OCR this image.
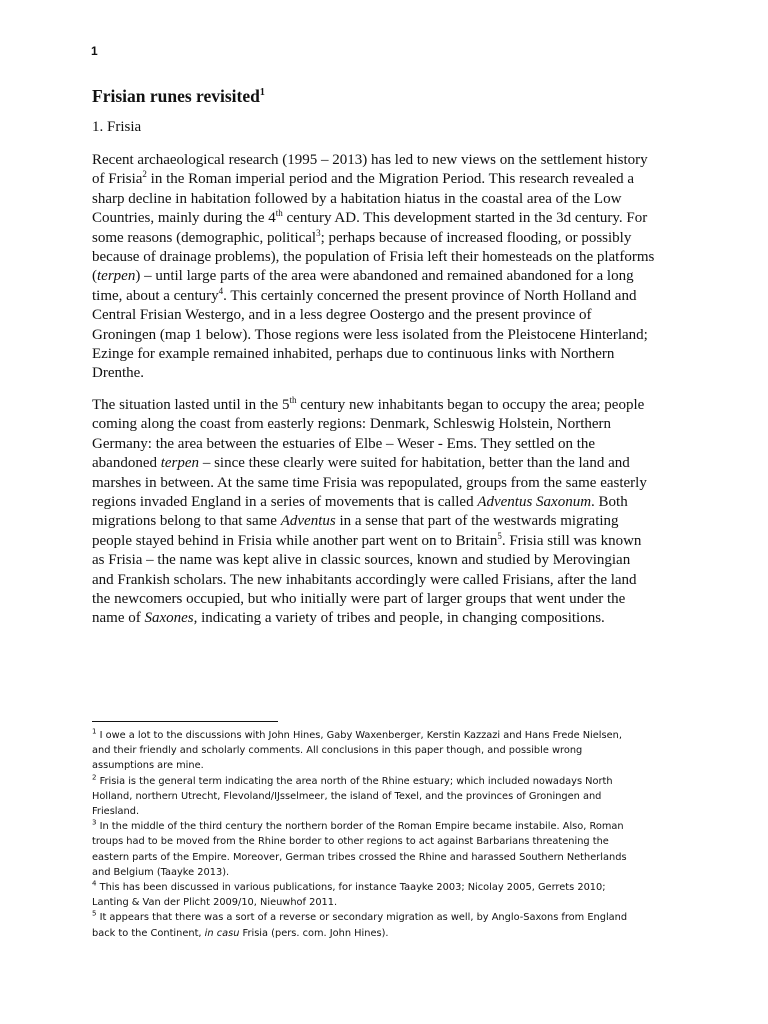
1
Frisian runes revisited$^1$
1. Frisia
Recent archaeological research (1995 – 2013) has led to new views on the settlement history
of Frisia$^2$ in the Roman imperial period and the Migration Period. This research revealed a
sharp decline in habitation followed by a habitation hiatus in the coastal area of the Low
Countries, mainly during the 4th century AD. This development started in the 3d century. For
some reasons (demographic, political$^3$; perhaps because of increased flooding, or possibly
because of drainage problems), the population of Frisia left their homesteads on the platforms
(terpen) – until large parts of the area were abandoned and remained abandoned for a long
time, about a century$^4$. This certainly concerned the present province of North Holland and
Central Frisian Westergo, and in a less degree Oostergo and the present province of
Groningen (map 1 below). Those regions were less isolated from the Pleistocene Hinterland;
Ezinge for example remained inhabited, perhaps due to continuous links with Northern
Drenthe.
The situation lasted until in the 5th century new inhabitants began to occupy the area; people
coming along the coast from easterly regions: Denmark, Schleswig Holstein, Northern
Germany: the area between the estuaries of Elbe – Weser - Ems. They settled on the
abandoned terpen – since these clearly were suited for habitation, better than the land and
marshes in between. At the same time Frisia was repopulated, groups from the same easterly
regions invaded England in a series of movements that is called Adventus Saxonum. Both
migrations belong to that same Adventus in a sense that part of the westwards migrating
people stayed behind in Frisia while another part went on to Britain$^5$. Frisia still was known
as Frisia – the name was kept alive in classic sources, known and studied by Merovingian
and Frankish scholars. The new inhabitants accordingly were called Frisians, after the land
the newcomers occupied, but who initially were part of larger groups that went under the
name of Saxones, indicating a variety of tribes and people, in changing compositions.
$^1$ I owe a lot to the discussions with John Hines, Gaby Waxenberger, Kerstin Kazzazi and Hans Frede Nielsen,
and their friendly and scholarly comments. All conclusions in this paper though, and possible wrong
assumptions are mine.
$^2$ Frisia is the general term indicating the area north of the Rhine estuary; which included nowadays North
Holland, northern Utrecht, Flevoland/IJsselmeer, the island of Texel, and the provinces of Groningen and
Friesland.
$^3$ In the middle of the third century the northern border of the Roman Empire became instabile. Also, Roman
troups had to be moved from the Rhine border to other regions to act against Barbarians threatening the
eastern parts of the Empire. Moreover, German tribes crossed the Rhine and harassed Southern Netherlands
and Belgium (Taayke 2013).
$^4$ This has been discussed in various publications, for instance Taayke 2003; Nicolay 2005, Gerrets 2010;
Lanting & Van der Plicht 2009/10, Nieuwhof 2011.
$^5$ It appears that there was a sort of a reverse or secondary migration as well, by Anglo-Saxons from England
back to the Continent, in casu Frisia (pers. com. John Hines).
